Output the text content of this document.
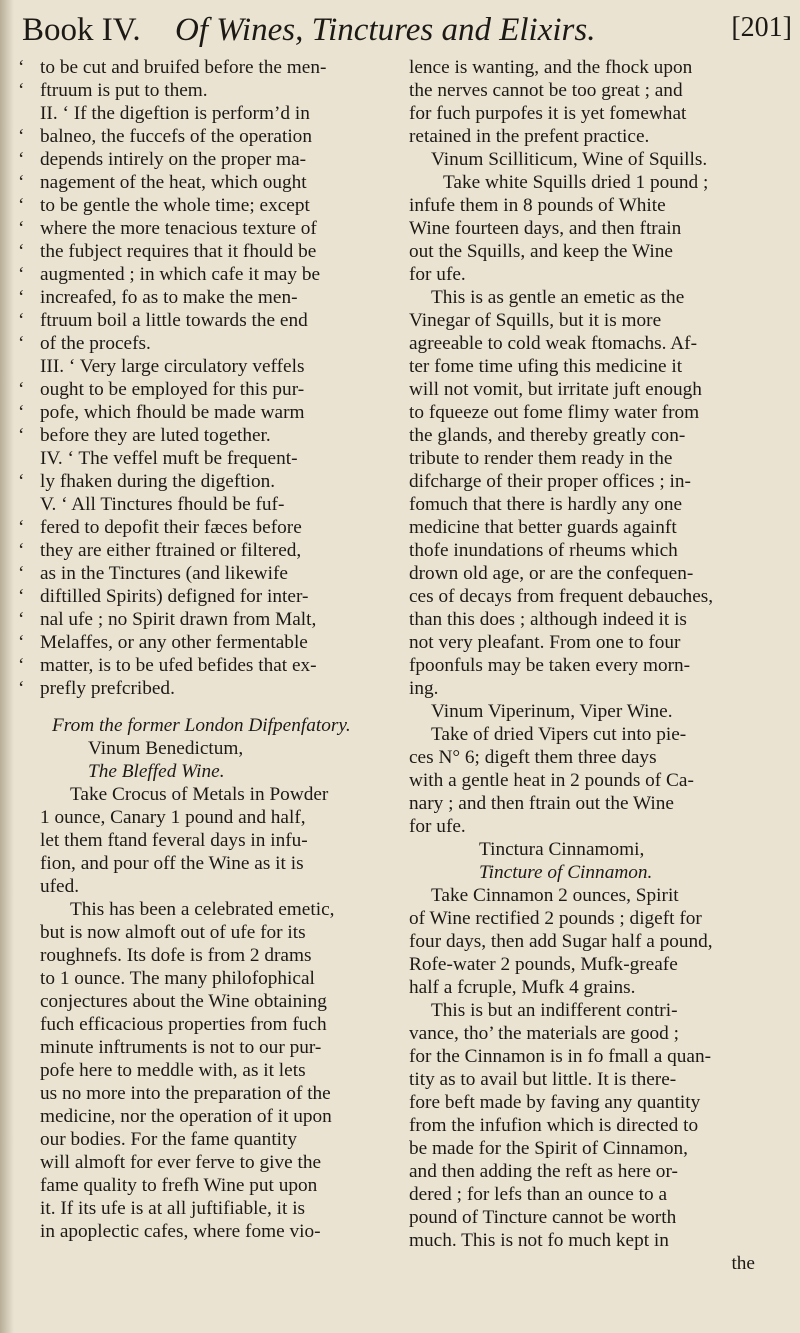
Book IV. Of Wines, Tinctures and Elixirs.	[201]
‘ to be cut and bruifed before the men-
‘ ftruum is put to them.
II. ‘ If the digeftion is perform’d in
‘ balneo, the fuccefs of the operation
‘ depends intirely on the proper ma-
‘ nagement of the heat, which ought
‘ to be gentle the whole time; except
‘ where the more tenacious texture of
‘ the fubject requires that it fhould be
‘ augmented ; in which cafe it may be
‘ increafed, fo as to make the men-
‘ ftruum boil a little towards the end
‘ of the procefs.
III. ‘ Very large circulatory veffels
‘ ought to be employed for this pur-
‘ pofe, which fhould be made warm
‘ before they are luted together.
IV. ‘ The veffel muft be frequent-
‘ ly fhaken during the digeftion.
V. ‘ All Tinctures fhould be fuf-
‘ fered to depofit their fæces before
‘ they are either ftrained or filtered,
‘ as in the Tinctures (and likewife
‘ diftilled Spirits) defigned for inter-
‘ nal ufe ; no Spirit drawn from Malt,
‘ Melaffes, or any other fermentable
‘ matter, is to be ufed befides that ex-
‘ prefly prefcribed.
From the former London Difpenfatory.
Vinum Benedictum,
The Bleffed Wine.
Take Crocus of Metals in Powder
1 ounce, Canary 1 pound and half,
let them ftand feveral days in infu-
fion, and pour off the Wine as it is
ufed.
This has been a celebrated emetic,
but is now almoft out of ufe for its
roughnefs. Its dofe is from 2 drams
to 1 ounce. The many philofophical
conjectures about the Wine obtaining
fuch efficacious properties from fuch
minute inftruments is not to our pur-
pofe here to meddle with, as it lets
us no more into the preparation of the
medicine, nor the operation of it upon
our bodies. For the fame quantity
will almoft for ever ferve to give the
fame quality to frefh Wine put upon
it. If its ufe is at all juftifiable, it is
in apoplectic cafes, where fome vio-
lence is wanting, and the fhock upon
the nerves cannot be too great ; and
for fuch purpofes it is yet fomewhat
retained in the prefent practice.
Vinum Scilliticum, Wine of Squills.
Take white Squills dried 1 pound ;
infufe them in 8 pounds of White
Wine fourteen days, and then ftrain
out the Squills, and keep the Wine
for ufe.
This is as gentle an emetic as the
Vinegar of Squills, but it is more
agreeable to cold weak ftomachs. Af-
ter fome time ufing this medicine it
will not vomit, but irritate juft enough
to fqueeze out fome flimy water from
the glands, and thereby greatly con-
tribute to render them ready in the
difcharge of their proper offices ; in-
fomuch that there is hardly any one
medicine that better guards againft
thofe inundations of rheums which
drown old age, or are the confequen-
ces of decays from frequent debauches,
than this does ; although indeed it is
not very pleafant. From one to four
fpoonfuls may be taken every morn-
ing.
Vinum Viperinum, Viper Wine.
Take of dried Vipers cut into pie-
ces N° 6; digeft them three days
with a gentle heat in 2 pounds of Ca-
nary ; and then ftrain out the Wine
for ufe.
Tinctura Cinnamomi,
Tincture of Cinnamon.
Take Cinnamon 2 ounces, Spirit
of Wine rectified 2 pounds ; digeft for
four days, then add Sugar half a pound,
Rofe-water 2 pounds, Mufk-greafe
half a fcruple, Mufk 4 grains.
This is but an indifferent contri-
vance, tho’ the materials are good ;
for the Cinnamon is in fo fmall a quan-
tity as to avail but little. It is there-
fore beft made by faving any quantity
from the infufion which is directed to
be made for the Spirit of Cinnamon,
and then adding the reft as here or-
dered ; for lefs than an ounce to a
pound of Tincture cannot be worth
much. This is not fo much kept in
the
